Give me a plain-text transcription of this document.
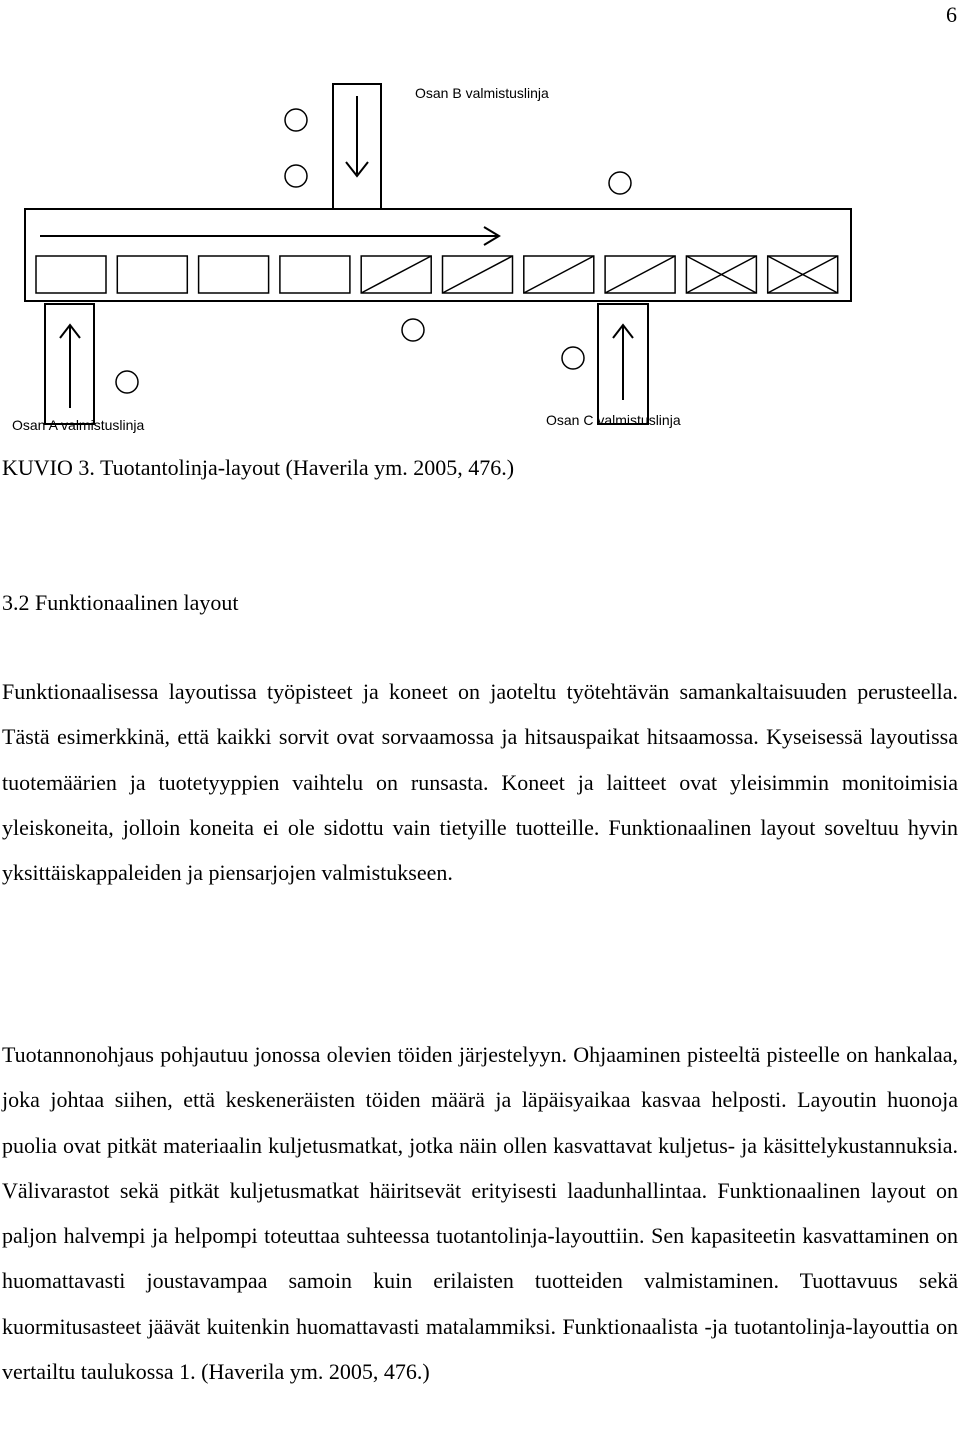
6
Osan B valmistuslinja
Osan A valmistuslinja	Osan C valmistuslinja
KUVIO 3. Tuotantolinja-layout (Haverila ym. 2005, 476.)
3.2 Funktionaalinen layout

Funktionaalisessa layoutissa työpisteet ja koneet on jaoteltu työtehtävän samankaltaisuuden perusteella. Tästä esimerkkinä, että kaikki sorvit ovat sorvaamossa ja hitsauspaikat hitsaamossa. Kyseisessä layoutissa tuotemäärien ja tuotetyyppien vaihtelu on runsasta. Koneet ja laitteet ovat yleisimmin monitoimisia yleiskoneita, jolloin koneita ei ole sidottu vain tietyille tuotteille. Funktionaalinen layout soveltuu hyvin yksittäiskappaleiden ja piensarjojen valmistukseen.

Tuotannonohjaus pohjautuu jonossa olevien töiden järjestelyyn. Ohjaaminen pisteeltä pisteelle on hankalaa, joka johtaa siihen, että keskeneräisten töiden määrä ja läpäisyaikaa kasvaa helposti. Layoutin huonoja puolia ovat pitkät materiaalin kuljetusmatkat, jotka näin ollen kasvattavat kuljetus- ja käsittelykustannuksia. Välivarastot sekä pitkät kuljetusmatkat häiritsevät erityisesti laadunhallintaa. Funktionaalinen layout on paljon halvempi ja helpompi toteuttaa suhteessa tuotantolinja-layouttiin. Sen kapasiteetin kasvattaminen on huomattavasti joustavampaa samoin kuin erilaisten tuotteiden valmistaminen. Tuottavuus sekä kuormitusasteet jäävät kuitenkin huomattavasti matalammiksi. Funktionaalista -ja tuotantolinja-layouttia on vertailtu taulukossa 1. (Haverila ym. 2005, 476.)
